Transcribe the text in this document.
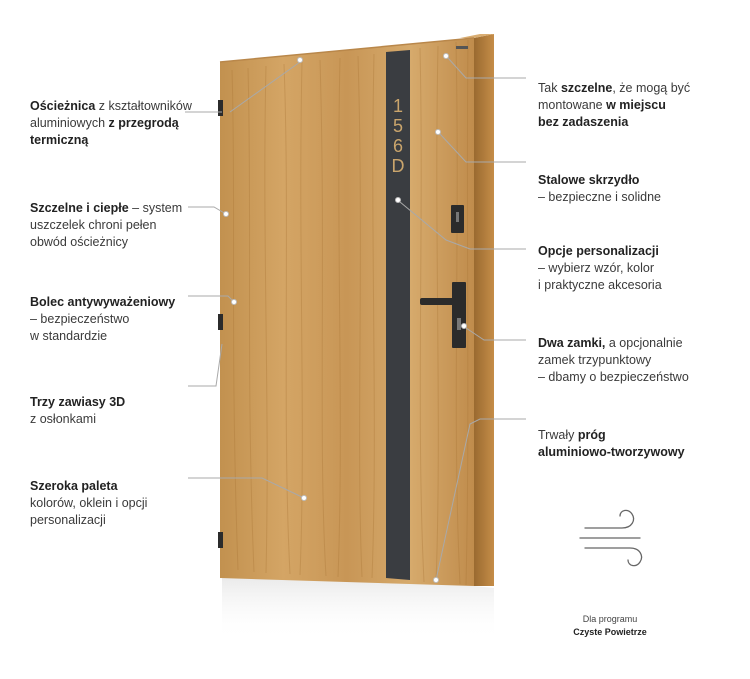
1
5
6
D
Ościeżnica z kształtowników
aluminiowych z przegrodą
termiczną
Szczelne i ciepłe – system
uszczelek chroni pełen
obwód ościeżnicy
Bolec antywyważeniowy
– bezpieczeństwo
w standardzie
Trzy zawiasy 3D
z osłonkami
Szeroka paleta
kolorów, oklein i opcji
personalizacji
Tak szczelne, że mogą być
montowane w miejscu
bez zadaszenia
Stalowe skrzydło
– bezpieczne i solidne
Opcje personalizacji
– wybierz wzór, kolor
i praktyczne akcesoria
Dwa zamki, a opcjonalnie
zamek trzypunktowy
– dbamy o bezpieczeństwo
Trwały próg
aluminiowo-tworzywowy
Dla programu
Czyste Powietrze
